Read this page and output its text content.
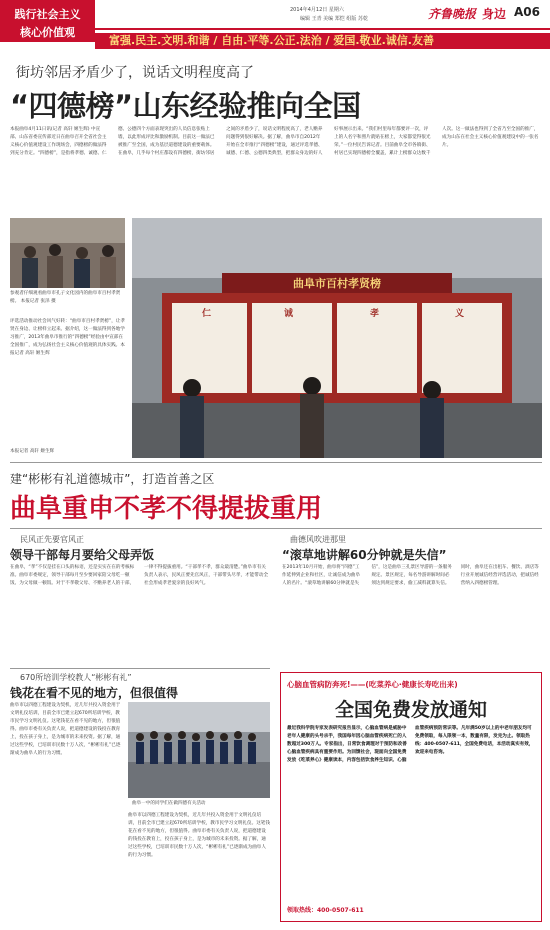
践行社会主义
核心价值观
2014年4月12日 星期六
编辑 王青 美编 郑恺 组版 苏乾	齐鲁晚报 身边 A06
富强.民主.文明.和谐 / 自由.平等.公正.法治 / 爱国.敬业.诚信.友善
街坊邻居矛盾少了，说话文明程度高了
“四德榜”山东经验推向全国
本报曲阜4月11日讯(记者 高轩 姬生辉) 中宣部、山东省委宣传部近日在曲阜召开全省社会主义核心价值观建设工作现场会，四德榜的做法得到充分肯定。“四德榜”，是指将孝德、诚德、仁德、公德四个方面表现突出的人员信息张贴上墙，以此形成评比和激励机制。目前这一做法已被推广至全国，成为基层道德建设的重要载体。在曲阜，几乎每个村庄都设有四德榜，街坊邻居之间的矛盾少了，说话文明程度高了，老人赡养问题得到很好解决。据了解，曲阜市自2012年开始在全市推行“四德榜”建设，通过评选孝德、诚德、仁德、公德四类典型，把群众身边的好人好事展示出来。“我们村里每年都要评一次，评上的人名字和照片就贴在榜上，大家都觉得很光荣。”一位村民告诉记者。目前曲阜全市各镇街、村居已实现四德榜全覆盖，累计上榜群众达数千人次。这一做法也得到了全省乃至全国的推广，成为山东在社会主义核心价值观建设中的一张名片。
参观者仔细观看曲阜市孔子文化园内的曲阜市百村孝贤榜。 本报记者 张泽 摄
评选活动推动社会风气好转：“曲阜市百村孝贤榜”，让孝贤在身边、让榜样立起来。据介绍，这一做法得到各地学习推广，2013年曲阜市推行的“四德榜”经验由中宣部在全国推广，成为弘扬社会主义核心价值观的具体实践。本报记者 高轩 姬生辉
本报记者 高轩 姬生辉
曲阜市百村孝贤榜
仁	诚	孝	义
建“彬彬有礼道德城市”，打造首善之区
曲阜重申不孝不得提拔重用
民风正先要官风正
领导干部每月要给父母弄饭
在曲阜，“孝”不仅是挂在口头的标语，还是实实在在的考核标准。曲阜市委规定，领导干部每月至少要回家陪父母吃一顿饭、为父母做一顿饭。对于不孝敬父母、不赡养老人的干部，一律不得提拔重用。“干部孝不孝，群众最清楚。”曲阜市有关负责人表示，民风正要先官风正，干部带头尽孝，才能带动全社会形成孝老爱亲的良好风气。
曲德风吹进那里
“滚草地讲解60分钟就是失信”
在2013年10月开始，曲阜将“四德”工作延伸到企业和社区，让诚信成为曲阜人的名片。“滚草地讲解60分钟就是失信”，这是曲阜三孔景区导游的一条服务规定。景区规定，每名导游讲解时间必须达到规定要求，偷工减料就算失信。同时，曲阜还在出租车、餐饮、酒店等行业开展诚信经营评选活动，把诚信经营纳入四德榜管理。
670所培训学校教人“彬彬有礼”
钱花在看不见的地方，但很值得
曲阜市以四德工程建设为契机，近几年共投入资金用于文明礼仪培训，目前全市已建立起670所培训学校，教市民学习文明礼仪。这笔钱花在看不见的地方，但很值得。曲阜市委有关负责人说，把道德建设的钱投在教育上，投在孩子身上，是为城市的未来投资。据了解，通过这些学校，已培训市民数十万人次，“彬彬有礼”已逐渐成为曲阜人的行为习惯。
曲阜一中的同学们在做四德有关活动
曲阜市以四德工程建设为契机，近几年共投入资金用于文明礼仪培训，目前全市已建立起670所培训学校，教市民学习文明礼仪。这笔钱花在看不见的地方，但很值得。曲阜市委有关负责人说，把道德建设的钱投在教育上，投在孩子身上，是为城市的未来投资。据了解，通过这些学校，已培训市民数十万人次，“彬彬有礼”已逐渐成为曲阜人的行为习惯。
心脑血管病防奔死!——(吃菜养心·健康长寿吃出来)
全国免费发放通知
最近我科学院专家发表研究报告显示，心脑血管病是威胁中老年人健康的头号杀手，我国每年因心脑血管疾病死亡的人数超过300万人。专家指出，日常饮食调理对于预防和改善心脑血管疾病具有重要作用。为回馈社会，现面向全国免费发放《吃菜养心》健康读本，内容包括饮食养生知识、心脑血管疾病预防常识等。凡年满50岁以上的中老年朋友均可免费领取，每人限领一本，数量有限，发完为止。领取热线：400-0507-611，全国免费电话，本活动真实有效，欢迎来电咨询。
领取热线：400-0507-611
